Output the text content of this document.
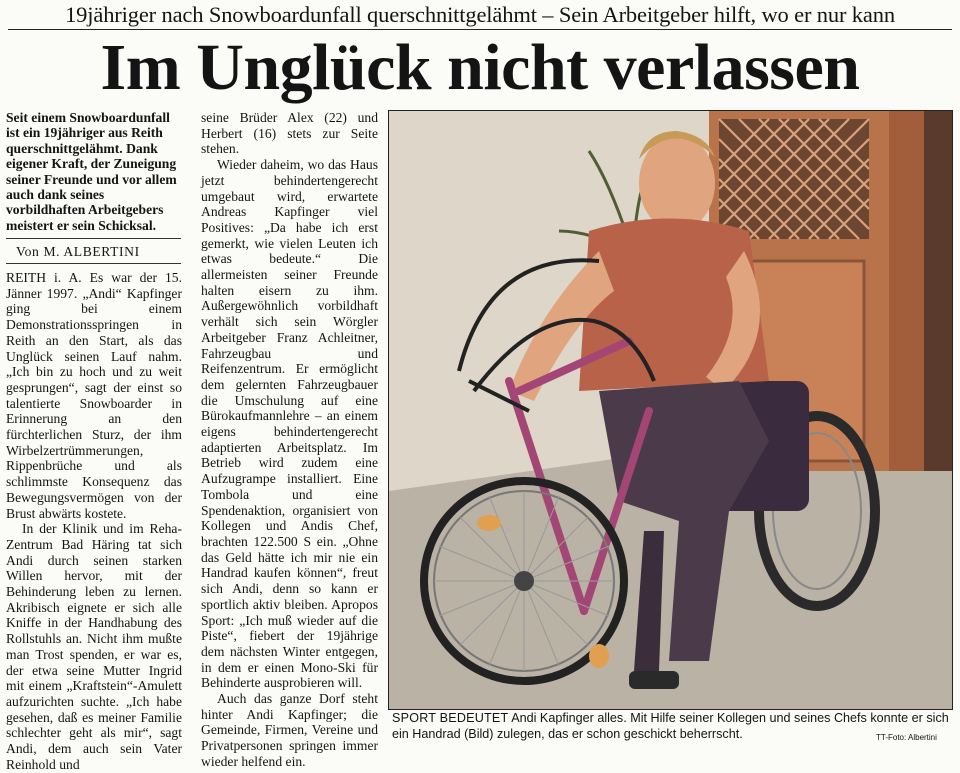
19jähriger nach Snowboardunfall querschnittgelähmt – Sein Arbeitgeber hilft, wo er nur kann
Im Unglück nicht verlassen
Seit einem Snowboardunfall ist ein 19jähriger aus Reith querschnittgelähmt. Dank eigener Kraft, der Zuneigung seiner Freunde und vor allem auch dank seines vorbildhaften Arbeitgebers meistert er sein Schicksal.
Von M. ALBERTINI

REITH i. A. Es war der 15. Jänner 1997. „Andi“ Kapfinger ging bei einem Demonstrationsspringen in Reith an den Start, als das Unglück seinen Lauf nahm. „Ich bin zu hoch und zu weit gesprungen“, sagt der einst so talentierte Snowboarder in Erinnerung an den fürchterlichen Sturz, der ihm Wirbelzertrümmerungen, Rippenbrüche und als schlimmste Konsequenz das Bewegungsvermögen von der Brust abwärts kostete.

In der Klinik und im Reha-Zentrum Bad Häring tat sich Andi durch seinen starken Willen hervor, mit der Behinderung leben zu lernen. Akribisch eignete er sich alle Kniffe in der Handhabung des Rollstuhls an. Nicht ihm mußte man Trost spenden, er war es, der etwa seine Mutter Ingrid mit einem „Kraftstein“-Amulett aufzurichten suchte. „Ich habe gesehen, daß es meiner Familie schlechter geht als mir“, sagt Andi, dem auch sein Vater Reinhold und

seine Brüder Alex (22) und Herbert (16) stets zur Seite stehen.

Wieder daheim, wo das Haus jetzt behindertengerecht umgebaut wird, erwartete Andreas Kapfinger viel Positives: „Da habe ich erst gemerkt, wie vielen Leuten ich etwas bedeute.“ Die allermeisten seiner Freunde halten eisern zu ihm. Außergewöhnlich vorbildhaft verhält sich sein Wörgler Arbeitgeber Franz Achleitner, Fahrzeugbau und Reifenzentrum. Er ermöglicht dem gelernten Fahrzeugbauer die Umschulung auf eine Bürokaufmannlehre – an einem eigens behindertengerecht adaptierten Arbeitsplatz. Im Betrieb wird zudem eine Aufzugrampe installiert. Eine Tombola und eine Spendenaktion, organisiert von Kollegen und Andis Chef, brachten 122.500 S ein. „Ohne das Geld hätte ich mir nie ein Handrad kaufen können“, freut sich Andi, denn so kann er sportlich aktiv bleiben. Apropos Sport: „Ich muß wieder auf die Piste“, fiebert der 19jährige dem nächsten Winter entgegen, in dem er einen Mono-Ski für Behinderte ausprobieren will.

Auch das ganze Dorf steht hinter Andi Kapfinger; die Gemeinde, Firmen, Vereine und Privatpersonen springen immer wieder helfend ein.

SPORT BEDEUTET Andi Kapfinger alles. Mit Hilfe seiner Kollegen und seines Chefs konnte er sich ein Handrad (Bild) zulegen, das er schon geschickt beherrscht.	TT-Foto: Albertini
